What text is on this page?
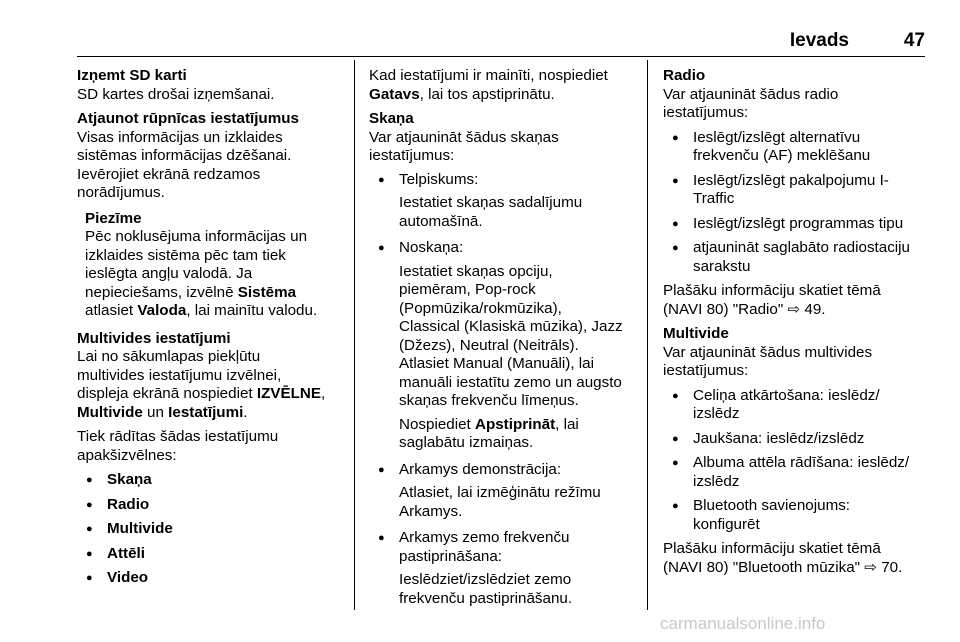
Ievads	47
Izņemt SD karti
SD kartes drošai izņemšanai.
Atjaunot rūpnīcas iestatījumus
Visas informācijas un izklaides
sistēmas informācijas dzēšanai.
Ievērojiet ekrānā redzamos
norādījumus.
Piezīme
Pēc noklusējuma informācijas un
izklaides sistēma pēc tam tiek
ieslēgta angļu valodā. Ja
nepieciešams, izvēlnē Sistēma
atlasiet Valoda, lai mainītu valodu.
Multivides iestatījumi
Lai no sākumlapas piekļūtu
multivides iestatījumu izvēlnei,
displeja ekrānā nospiediet IZVĒLNE,
Multivide un Iestatījumi.
Tiek rādītas šādas iestatījumu
apakšizvēlnes:
● Skaņa
● Radio
● Multivide
● Attēli
● Video
Kad iestatījumi ir mainīti, nospiediet
Gatavs, lai tos apstiprinātu.
Skaņa
Var atjaunināt šādus skaņas
iestatījumus:
● Telpiskums:
Iestatiet skaņas sadalījumu
automašīnā.
● Noskaņa:
Iestatiet skaņas opciju,
piemēram, Pop-rock
(Popmūzika/rokmūzika),
Classical (Klasiskā mūzika), Jazz
(Džezs), Neutral (Neitrāls).
Atlasiet Manual (Manuāli), lai
manuāli iestatītu zemo un augsto
skaņas frekvenču līmeņus.
Nospiediet Apstiprināt, lai
saglabātu izmaiņas.
● Arkamys demonstrācija:
Atlasiet, lai izmēģinātu režīmu
Arkamys.
● Arkamys zemo frekvenču
pastiprināšana:
Ieslēdziet/izslēdziet zemo
frekvenču pastiprināšanu.
Radio
Var atjaunināt šādus radio
iestatījumus:
● Ieslēgt/izslēgt alternatīvu
frekvenču (AF) meklēšanu
● Ieslēgt/izslēgt pakalpojumu I-
Traffic
● Ieslēgt/izslēgt programmas tipu
● atjaunināt saglabāto radiostaciju
sarakstu
Plašāku informāciju skatiet tēmā
(NAVI 80) "Radio" ⇨ 49.
Multivide
Var atjaunināt šādus multivides
iestatījumus:
● Celiņa atkārtošana: ieslēdz/
izslēdz
● Jaukšana: ieslēdz/izslēdz
● Albuma attēla rādīšana: ieslēdz/
izslēdz
● Bluetooth savienojums:
konfigurēt
Plašāku informāciju skatiet tēmā
(NAVI 80) "Bluetooth mūzika" ⇨ 70.
carmanualsonline.info
